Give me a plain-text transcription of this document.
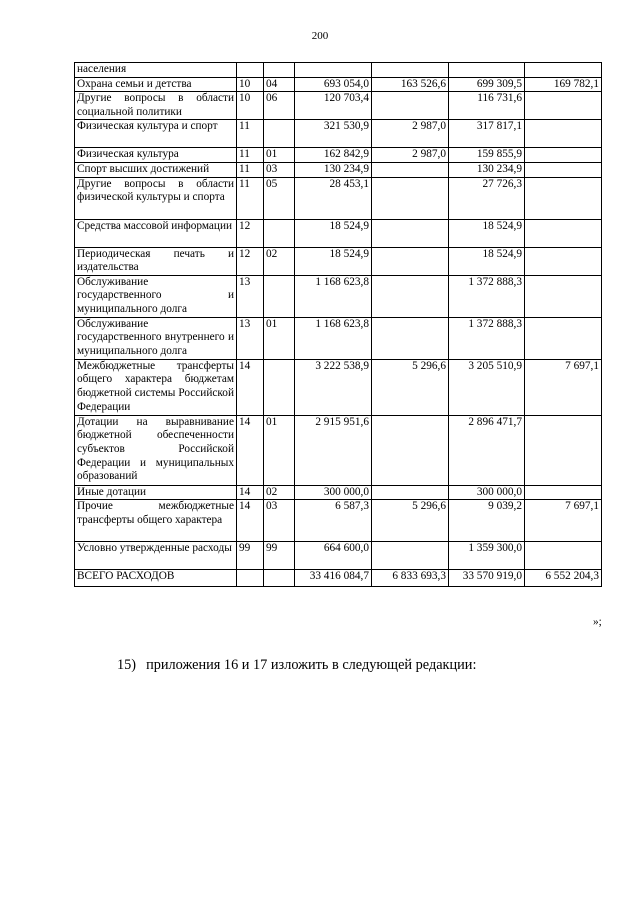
200
населения						
Охрана семьи и детства	10	04	693 054,0	163 526,6	699 309,5	169 782,1
Другие вопросы в области социальной политики	10	06	120 703,4		116 731,6	
Физическая культура и спорт	11		321 530,9	2 987,0	317 817,1	
Физическая культура	11	01	162 842,9	2 987,0	159 855,9	
Спорт высших достижений	11	03	130 234,9		130 234,9	
Другие вопросы в области физической культуры и спорта	11	05	28 453,1		27 726,3	
Средства массовой информации	12		18 524,9		18 524,9	
Периодическая печать и издательства	12	02	18 524,9		18 524,9	
Обслуживание государственного и муниципального долга	13		1 168 623,8		1 372 888,3	
Обслуживание государственного внутреннего и муниципального долга	13	01	1 168 623,8		1 372 888,3	
Межбюджетные трансферты общего характера бюджетам бюджетной системы Российской Федерации	14		3 222 538,9	5 296,6	3 205 510,9	7 697,1
Дотации на выравнивание бюджетной обеспеченности субъектов Российской Федерации и муниципальных образований	14	01	2 915 951,6		2 896 471,7	
Иные дотации	14	02	300 000,0		300 000,0	
Прочие межбюджетные трансферты общего характера	14	03	6 587,3	5 296,6	9 039,2	7 697,1
Условно утвержденные расходы	99	99	664 600,0		1 359 300,0	
ВСЕГО РАСХОДОВ			33 416 084,7	6 833 693,3	33 570 919,0	6 552 204,3
»;
15) приложения 16 и 17 изложить в следующей редакции:
